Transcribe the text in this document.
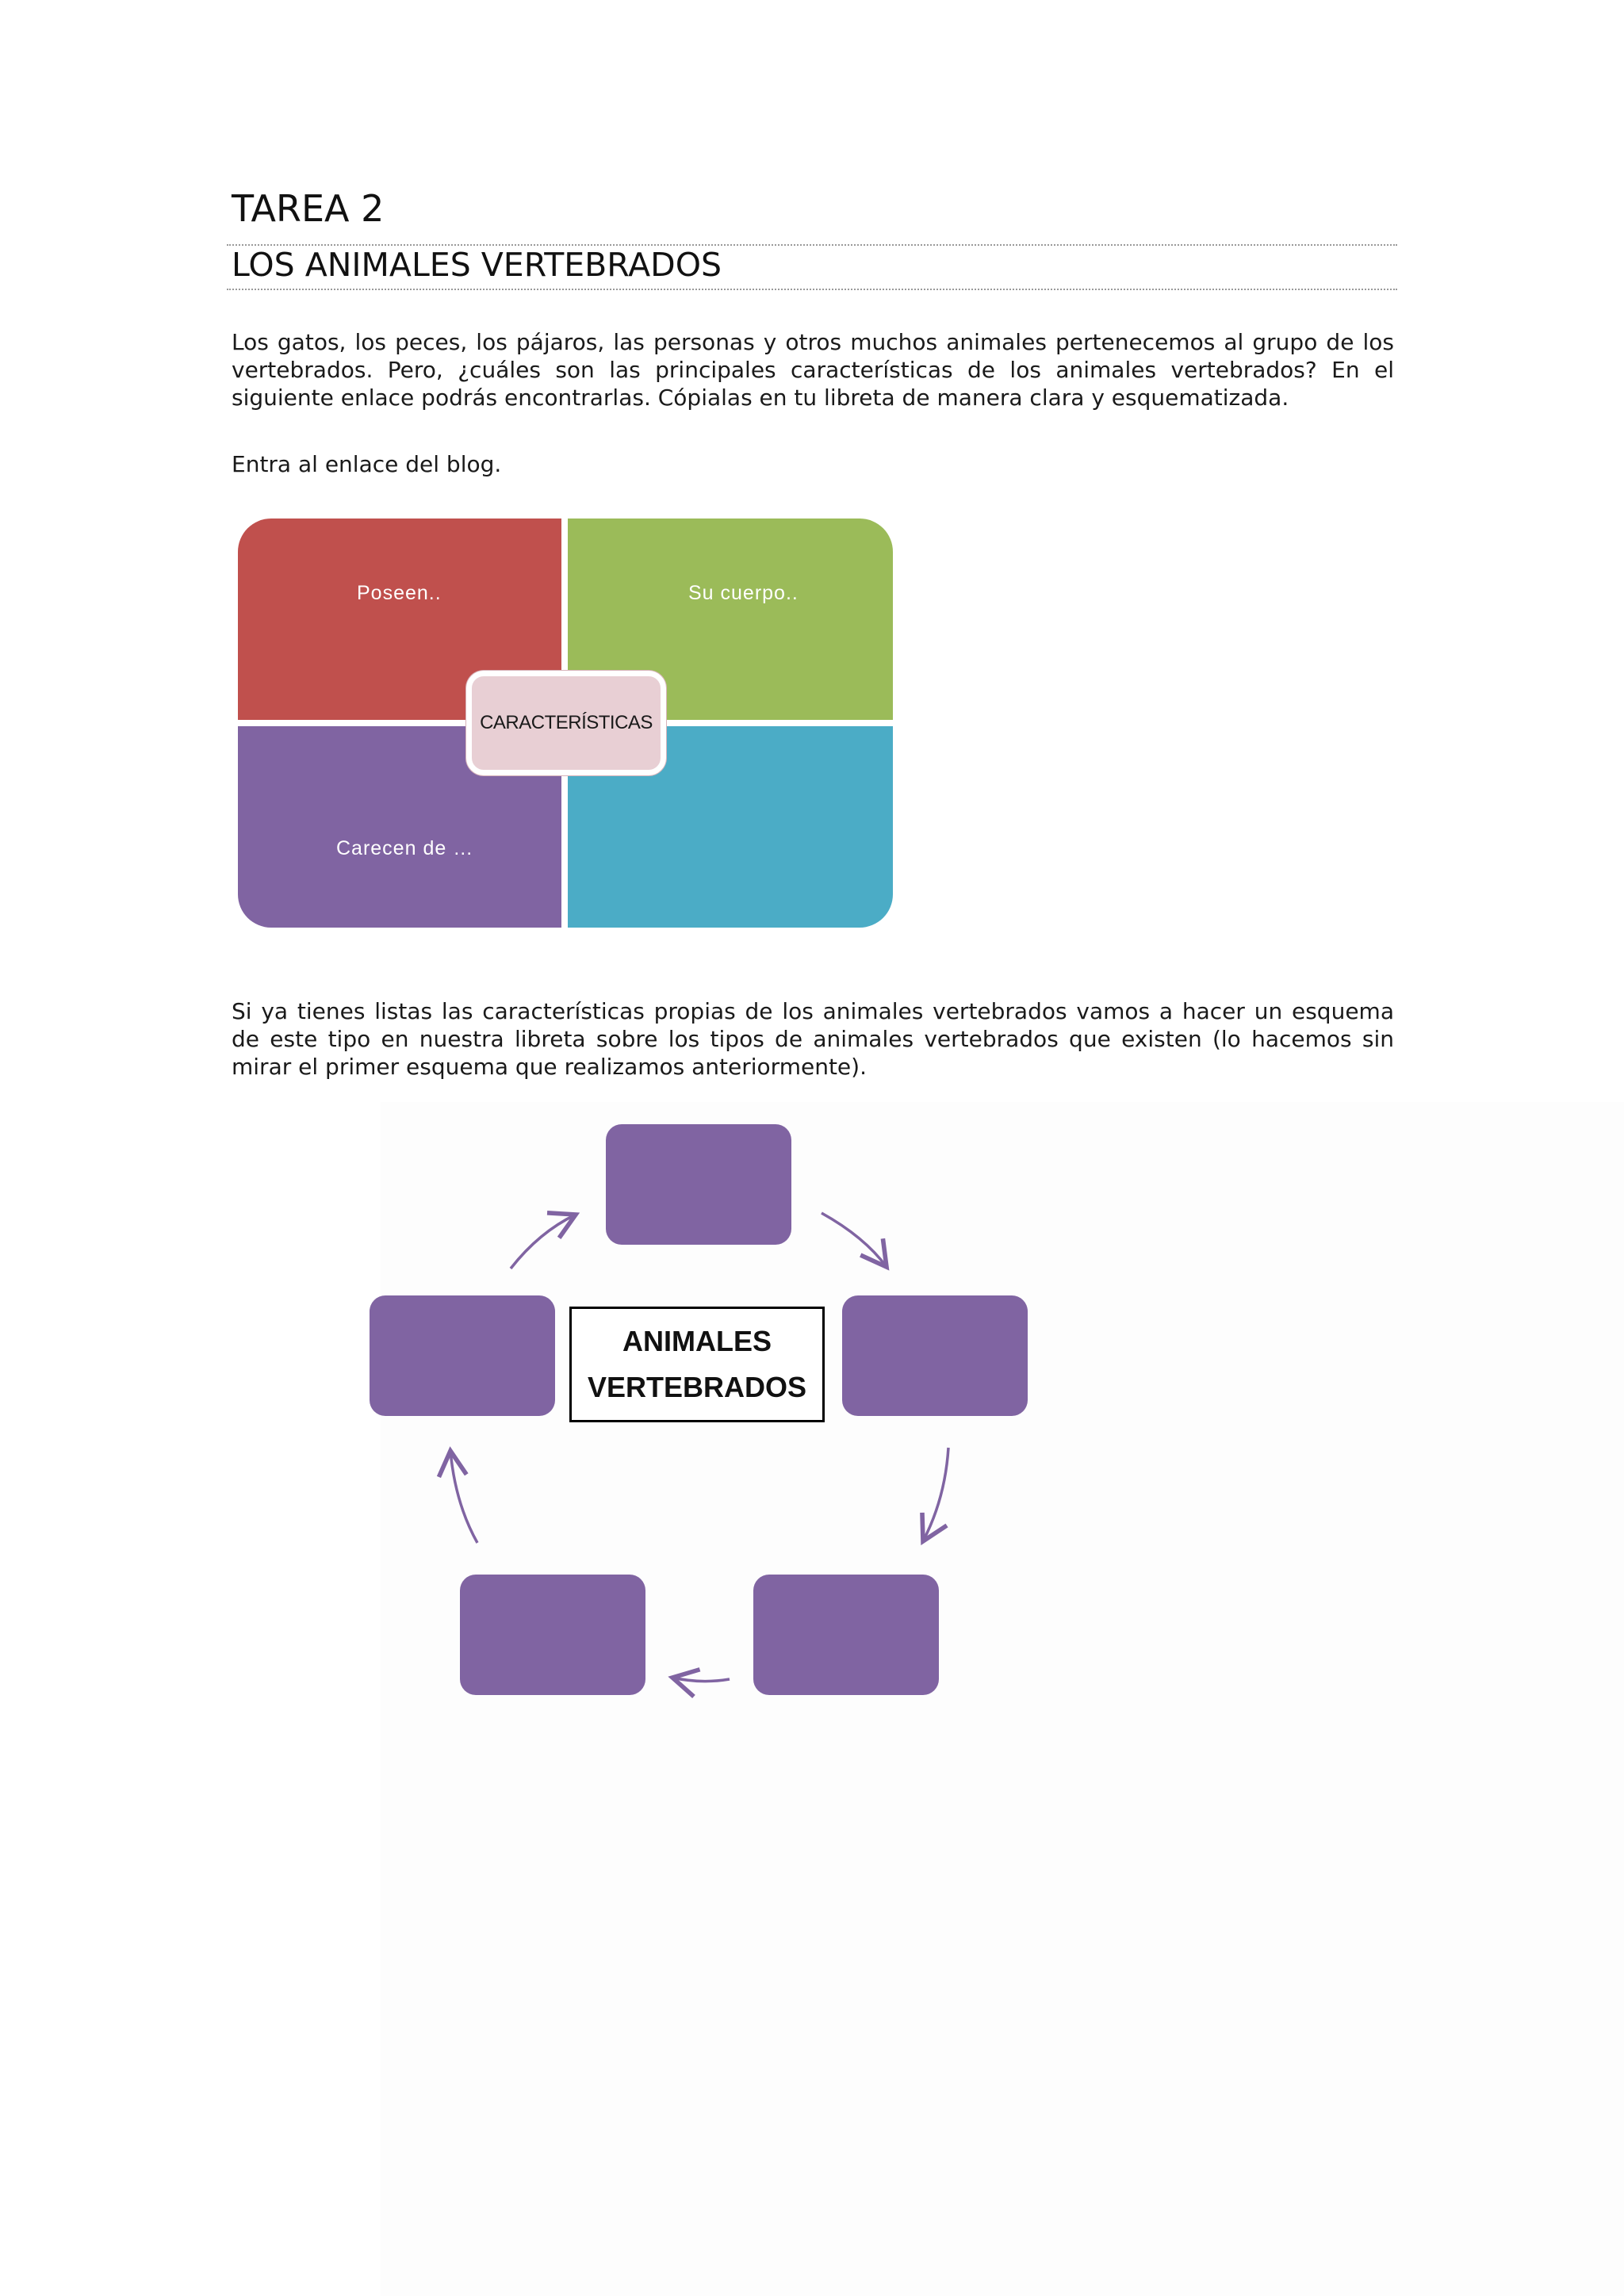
TAREA 2
LOS ANIMALES VERTEBRADOS

Los gatos, los peces, los pájaros, las personas y otros muchos animales pertenecemos al grupo de los vertebrados. Pero, ¿cuáles son las principales características de los animales vertebrados? En el siguiente enlace podrás encontrarlas. Cópialas en tu libreta de manera clara y esquematizada.

Entra al enlace del blog.

Poseen..	Su cuerpo..
Carecen de …
CARACTERÍSTICAS

Si ya tienes listas las características propias de los animales vertebrados vamos a hacer un esquema de este tipo en nuestra libreta sobre los tipos de animales vertebrados que existen (lo hacemos sin mirar el primer esquema que realizamos anteriormente).

ANIMALES
VERTEBRADOS
